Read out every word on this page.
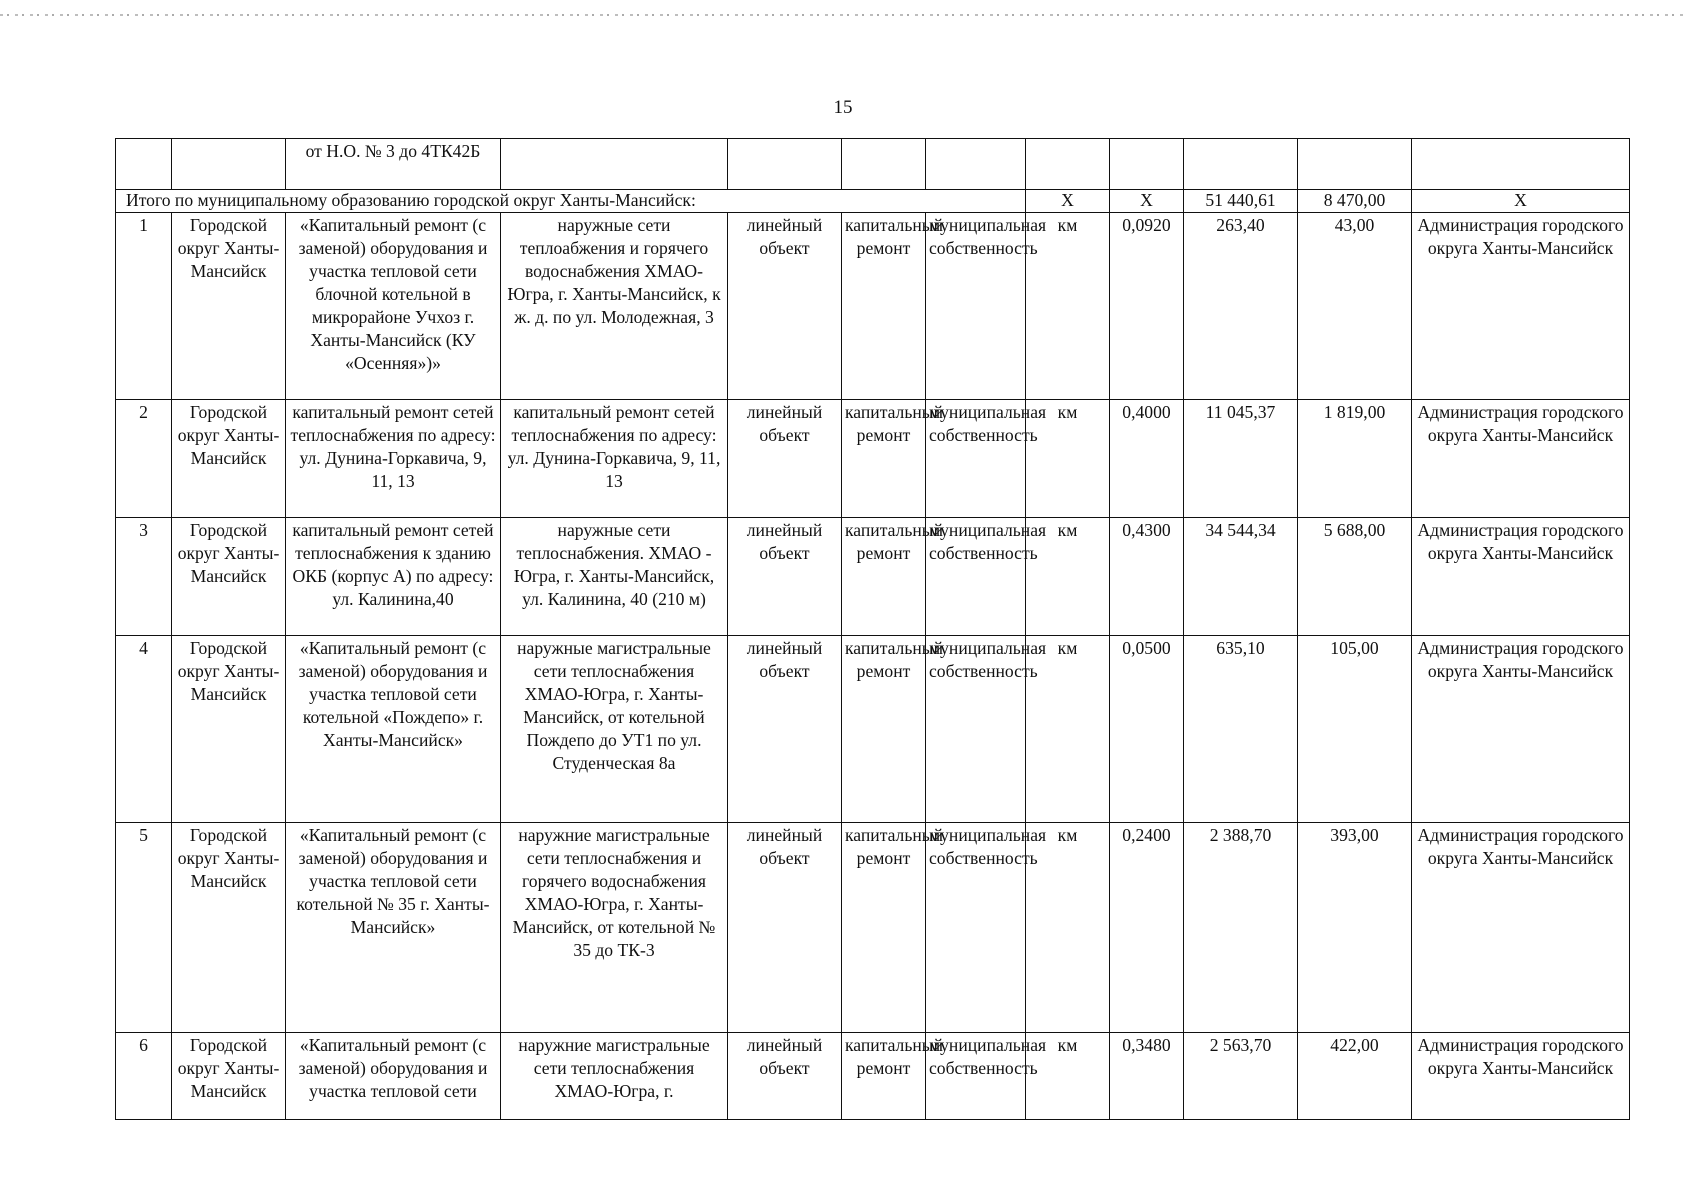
15
		от Н.О. № 3 до 4ТК42Б									
Итого по муниципальному образованию городской округ Ханты-Мансийск:							Х	Х	51 440,61	8 470,00	Х
1	Городской округ Ханты-Мансийск	«Капитальный ремонт (с заменой) оборудования и участка тепловой сети блочной котельной в микрорайоне Учхоз г. Ханты-Мансийск (КУ «Осенняя»)»	наружные сети теплоабжения и горячего водоснабжения ХМАО-Югра, г. Ханты-Мансийск, к ж. д. по ул. Молодежная, 3	линейный объект	капитальный ремонт	муниципальная собственность	км	0,0920	263,40	43,00	Администрация городского округа Ханты-Мансийск
2	Городской округ Ханты-Мансийск	капитальный ремонт сетей теплоснабжения по адресу: ул. Дунина-Горкавича, 9, 11, 13	капитальный ремонт сетей теплоснабжения по адресу: ул. Дунина-Горкавича, 9, 11, 13	линейный объект	капитальный ремонт	муниципальная собственность	км	0,4000	11 045,37	1 819,00	Администрация городского округа Ханты-Мансийск
3	Городской округ Ханты-Мансийск	капитальный ремонт сетей теплоснабжения к зданию ОКБ (корпус А) по адресу: ул. Калинина,40	наружные сети теплоснабжения. ХМАО - Югра, г. Ханты-Мансийск, ул. Калинина, 40 (210 м)	линейный объект	капитальный ремонт	муниципальная собственность	км	0,4300	34 544,34	5 688,00	Администрация городского округа Ханты-Мансийск
4	Городской округ Ханты-Мансийск	«Капитальный ремонт (с заменой) оборудования и участка тепловой сети котельной «Пождепо» г. Ханты-Мансийск»	наружные магистральные сети теплоснабжения ХМАО-Югра, г. Ханты-Мансийск, от котельной Пождепо до УТ1 по ул. Студенческая 8а	линейный объект	капитальный ремонт	муниципальная собственность	км	0,0500	635,10	105,00	Администрация городского округа Ханты-Мансийск
5	Городской округ Ханты-Мансийск	«Капитальный ремонт (с заменой) оборудования и участка тепловой сети котельной № 35 г. Ханты-Мансийск»	наружние магистральные сети теплоснабжения и горячего водоснабжения ХМАО-Югра, г. Ханты-Мансийск, от котельной № 35 до ТК-3	линейный объект	капитальный ремонт	муниципальная собственность	км	0,2400	2 388,70	393,00	Администрация городского округа Ханты-Мансийск
6	Городской округ Ханты-Мансийск	«Капитальный ремонт (с заменой) оборудования и участка тепловой сети	наружние магистральные сети теплоснабжения ХМАО-Югра, г.	линейный объект	капитальный ремонт	муниципальная собственность	км	0,3480	2 563,70	422,00	Администрация городского округа Ханты-Мансийск
